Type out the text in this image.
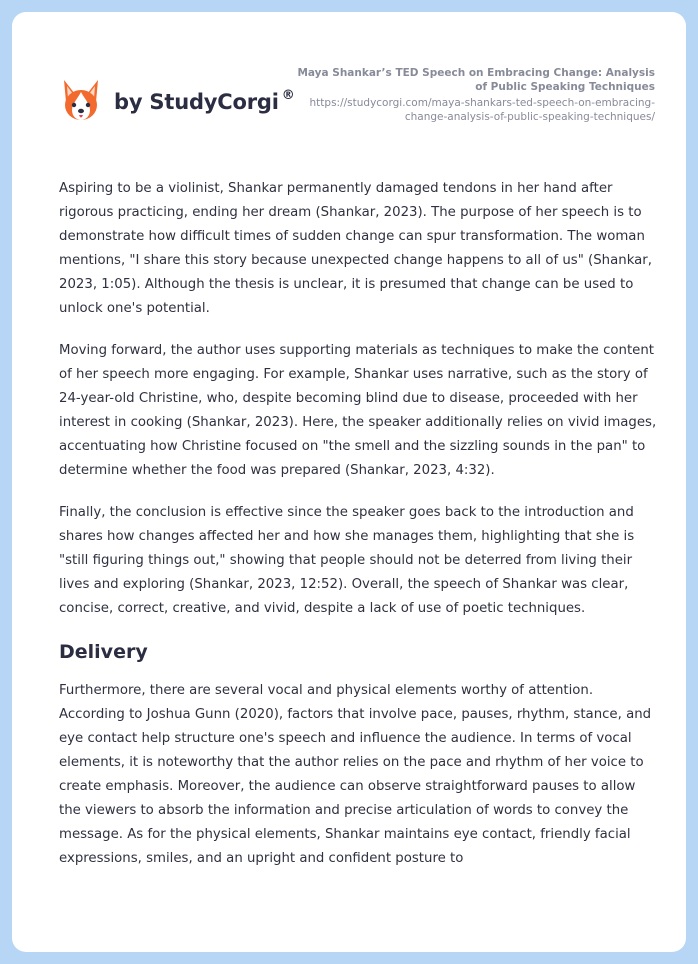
by StudyCorgi ®
Maya Shankar’s TED Speech on Embracing Change: Analysis of Public Speaking Techniques
https://studycorgi.com/maya-shankars-ted-speech-on-embracing-change-analysis-of-public-speaking-techniques/

Aspiring to be a violinist, Shankar permanently damaged tendons in her hand after rigorous practicing, ending her dream (Shankar, 2023). The purpose of her speech is to demonstrate how difficult times of sudden change can spur transformation. The woman mentions, "I share this story because unexpected change happens to all of us" (Shankar, 2023, 1:05). Although the thesis is unclear, it is presumed that change can be used to unlock one's potential.

Moving forward, the author uses supporting materials as techniques to make the content of her speech more engaging. For example, Shankar uses narrative, such as the story of 24-year-old Christine, who, despite becoming blind due to disease, proceeded with her interest in cooking (Shankar, 2023). Here, the speaker additionally relies on vivid images, accentuating how Christine focused on "the smell and the sizzling sounds in the pan" to determine whether the food was prepared (Shankar, 2023, 4:32).

Finally, the conclusion is effective since the speaker goes back to the introduction and shares how changes affected her and how she manages them, highlighting that she is "still figuring things out," showing that people should not be deterred from living their lives and exploring (Shankar, 2023, 12:52). Overall, the speech of Shankar was clear, concise, correct, creative, and vivid, despite a lack of use of poetic techniques.

Delivery

Furthermore, there are several vocal and physical elements worthy of attention. According to Joshua Gunn (2020), factors that involve pace, pauses, rhythm, stance, and eye contact help structure one's speech and influence the audience. In terms of vocal elements, it is noteworthy that the author relies on the pace and rhythm of her voice to create emphasis. Moreover, the audience can observe straightforward pauses to allow the viewers to absorb the information and precise articulation of words to convey the message. As for the physical elements, Shankar maintains eye contact, friendly facial expressions, smiles, and an upright and confident posture to
